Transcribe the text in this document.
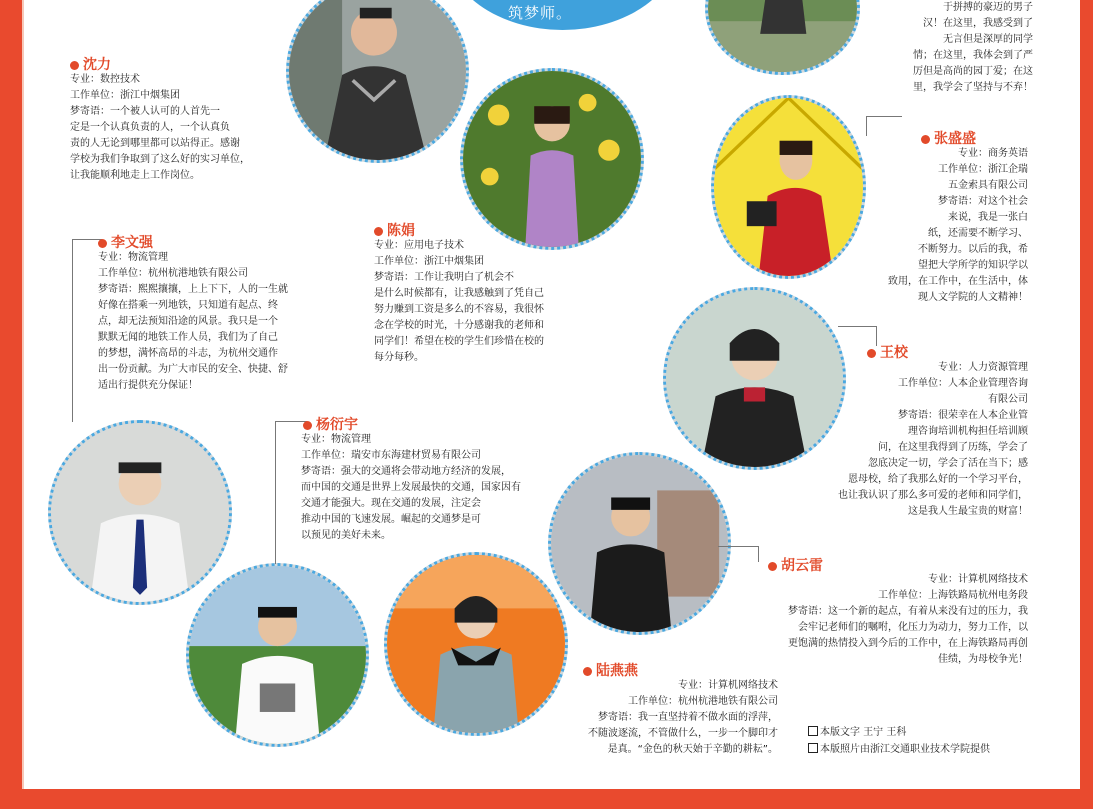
筑梦师。
沈力

专业：数控技术

工作单位：浙江中烟集团

梦寄语：一个被人认可的人首先一

定是一个认真负责的人，一个认真负

责的人无论到哪里都可以站得正。感谢

学校为我们争取到了这么好的实习单位，

让我能顺利地走上工作岗位。

陈娟

专业：应用电子技术

工作单位：浙江中烟集团

梦寄语：工作让我明白了机会不

是什么时候都有，让我感触到了凭自己

努力赚到工资是多么的不容易，我很怀

念在学校的时光，十分感谢我的老师和

同学们！希望在校的学生们珍惜在校的

每分每秒。

李文强

专业：物流管理

工作单位：杭州杭港地铁有限公司

梦寄语：熙熙攘攘，上上下下，人的一生就

好像在搭乘一列地铁，只知道有起点、终

点，却无法预知沿途的风景。我只是一个

默默无闻的地铁工作人员，我们为了自己

的梦想，满怀高昂的斗志，为杭州交通作

出一份贡献。为广大市民的安全、快捷、舒

适出行提供充分保证！

杨衍宇

专业：物流管理

工作单位：瑞安市东海建材贸易有限公司

梦寄语：强大的交通将会带动地方经济的发展，

而中国的交通是世界上发展最快的交通，国家因有

交通才能强大。现在交通的发展，注定会

推动中国的飞速发展。崛起的交通梦是可

以预见的美好未来。

于拼搏的豪迈的男子

汉！在这里，我感受到了

无言但是深厚的同学

情；在这里，我体会到了严

厉但是高尚的园丁爱；在这

里，我学会了坚持与不弃！

张盛盛

专业：商务英语

工作单位：浙江企瑞

五金索具有限公司

梦寄语：对这个社会

来说，我是一张白

纸，还需要不断学习、

不断努力。以后的我，希

望把大学所学的知识学以

致用，在工作中，在生活中，体

现人文学院的人文精神！

王校

专业：人力资源管理

工作单位：人本企业管理咨询

有限公司

梦寄语：很荣幸在人本企业管

理咨询培训机构担任培训顾

问，在这里我得到了历练，学会了

忽底决定一切，学会了活在当下；感

恩母校，给了我那么好的一个学习平台，

也让我认识了那么多可爱的老师和同学们，

这是我人生最宝贵的财富！

胡云雷

专业：计算机网络技术

工作单位：上海铁路局杭州电务段

梦寄语：这一个新的起点，有着从来没有过的压力，我

会牢记老师们的嘱咐，化压力为动力，努力工作，以

更饱满的热情投入到今后的工作中，在上海铁路局再创

佳绩，为母校争光！

陆燕燕

专业：计算机网络技术

工作单位：杭州杭港地铁有限公司

梦寄语：我一直坚持着不做水面的浮萍，

不随波逐流，不管做什么，一步一个脚印才

是真。“金色的秋天始于辛勤的耕耘”。

本版文字 王宁 王科
本版照片由浙江交通职业技术学院提供
